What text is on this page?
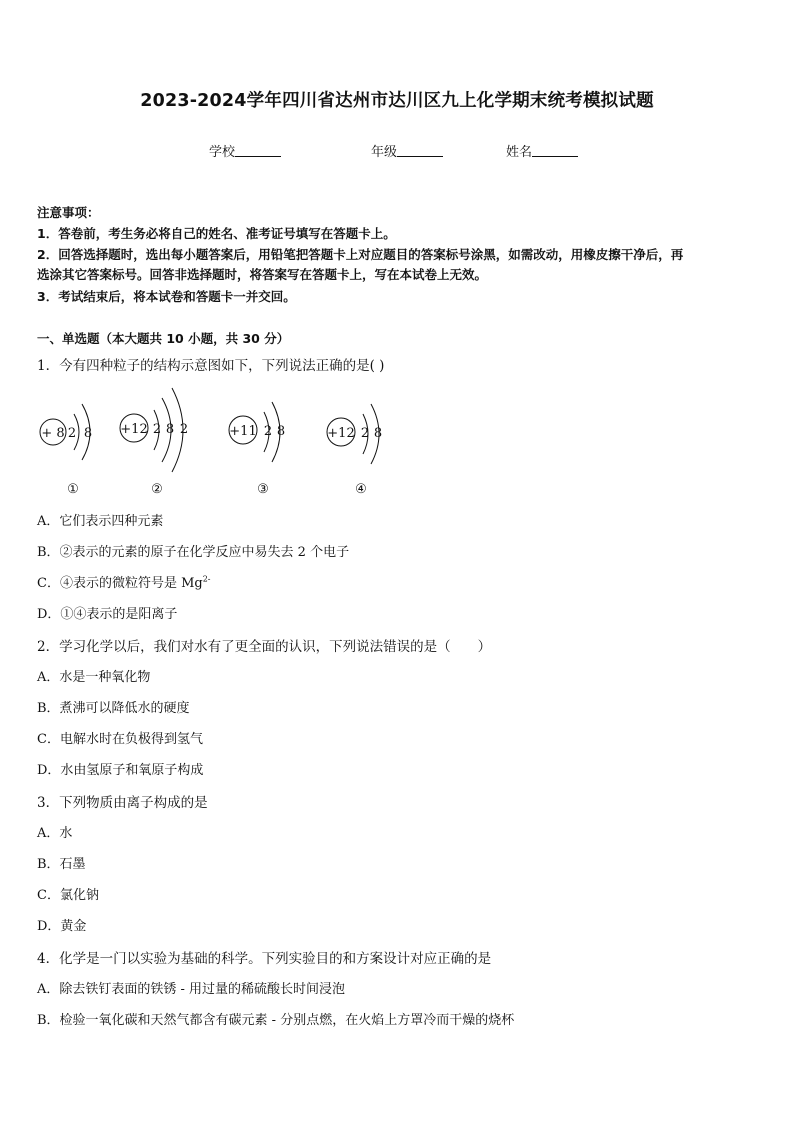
2023-2024学年四川省达州市达川区九上化学期末统考模拟试题
学校	年级	姓名
注意事项：
1．答卷前，考生务必将自己的姓名、准考证号填写在答题卡上。
2．回答选择题时，选出每小题答案后，用铅笔把答题卡上对应题目的答案标号涂黑，如需改动，用橡皮擦干净后，再
选涂其它答案标号。回答非选择题时，将答案写在答题卡上，写在本试卷上无效。
3．考试结束后，将本试卷和答题卡一并交回。
一、单选题（本大题共 10 小题，共 30 分）
1．今有四种粒子的结构示意图如下，下列说法正确的是( )
+ 8 2 8
①
+12 2 8 2
②
+11 2 8
③
+12 2 8
④
A．它们表示四种元素
B．②表示的元素的原子在化学反应中易失去 2 个电子
C．④表示的微粒符号是 $Mg^{2-}$
D．①④表示的是阳离子
2．学习化学以后，我们对水有了更全面的认识，下列说法错误的是（　　）
A．水是一种氧化物
B．煮沸可以降低水的硬度
C．电解水时在负极得到氢气
D．水由氢原子和氧原子构成
3．下列物质由离子构成的是
A．水
B．石墨
C．氯化钠
D．黄金
4．化学是一门以实验为基础的科学。下列实验目的和方案设计对应正确的是
A．除去铁钉表面的铁锈 - 用过量的稀硫酸长时间浸泡
B．检验一氧化碳和天然气都含有碳元素 - 分别点燃，在火焰上方罩冷而干燥的烧杯
